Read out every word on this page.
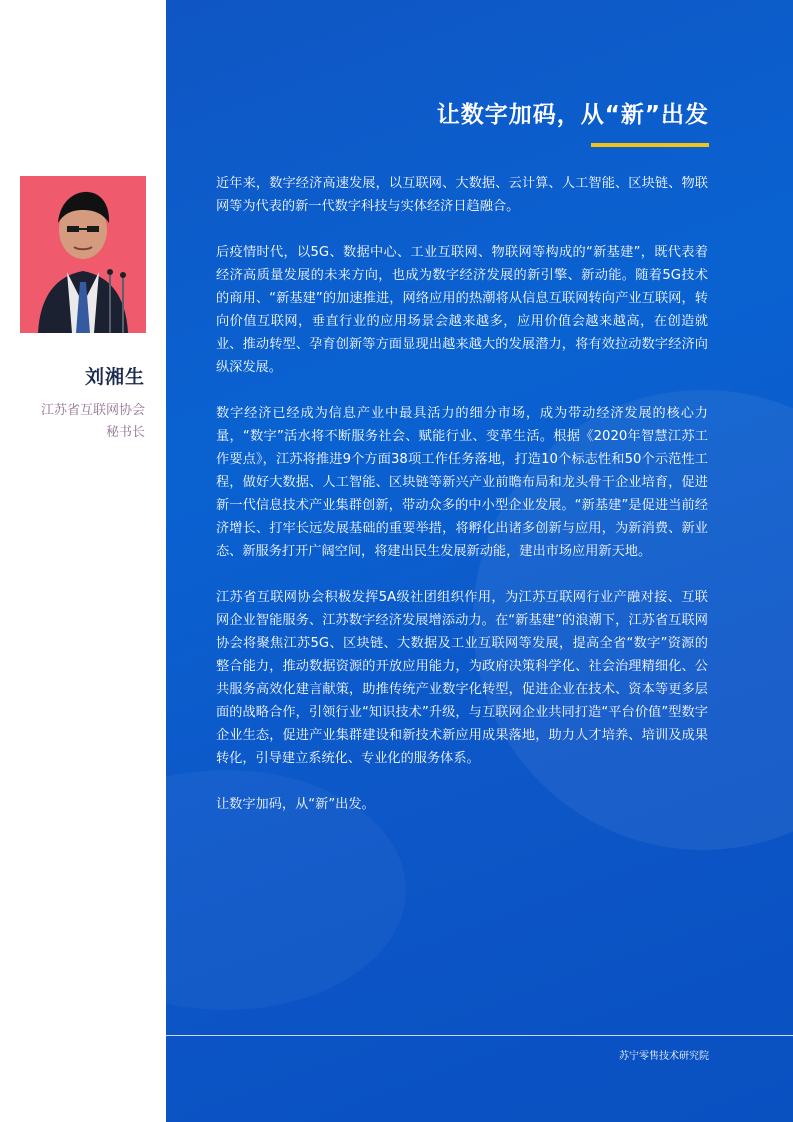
刘湘生
江苏省互联网协会
秘书长
让数字加码，从“新”出发

近年来，数字经济高速发展，以互联网、大数据、云计算、人工智能、区块链、物联网等为代表的新一代数字科技与实体经济日趋融合。

后疫情时代，以5G、数据中心、工业互联网、物联网等构成的“新基建”，既代表着经济高质量发展的未来方向，也成为数字经济发展的新引擎、新动能。随着5G技术的商用、“新基建”的加速推进，网络应用的热潮将从信息互联网转向产业互联网，转向价值互联网，垂直行业的应用场景会越来越多，应用价值会越来越高，在创造就业、推动转型、孕育创新等方面显现出越来越大的发展潜力，将有效拉动数字经济向纵深发展。

数字经济已经成为信息产业中最具活力的细分市场，成为带动经济发展的核心力量，“数字”活水将不断服务社会、赋能行业、变革生活。根据《2020年智慧江苏工作要点》，江苏将推进9个方面38项工作任务落地，打造10个标志性和50个示范性工程，做好大数据、人工智能、区块链等新兴产业前瞻布局和龙头骨干企业培育，促进新一代信息技术产业集群创新，带动众多的中小型企业发展。“新基建”是促进当前经济增长、打牢长远发展基础的重要举措，将孵化出诸多创新与应用，为新消费、新业态、新服务打开广阔空间，将建出民生发展新动能，建出市场应用新天地。

江苏省互联网协会积极发挥5A级社团组织作用，为江苏互联网行业产融对接、互联网企业智能服务、江苏数字经济发展增添动力。在“新基建”的浪潮下，江苏省互联网协会将聚焦江苏5G、区块链、大数据及工业互联网等发展，提高全省“数字”资源的整合能力，推动数据资源的开放应用能力，为政府决策科学化、社会治理精细化、公共服务高效化建言献策，助推传统产业数字化转型，促进企业在技术、资本等更多层面的战略合作，引领行业“知识技术”升级，与互联网企业共同打造“平台价值”型数字企业生态，促进产业集群建设和新技术新应用成果落地，助力人才培养、培训及成果转化，引导建立系统化、专业化的服务体系。

让数字加码，从“新”出发。

苏宁零售技术研究院
